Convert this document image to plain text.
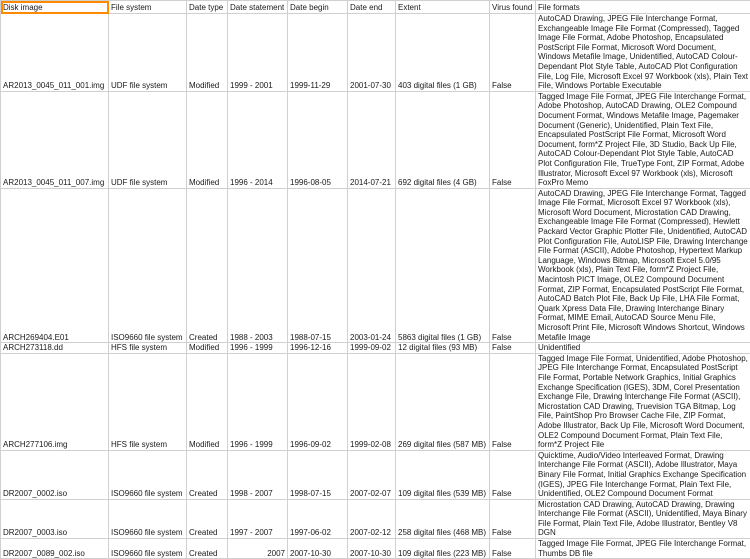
Disk image	File system	Date type	Date statement	Date begin	Date end	Extent	Virus found	File formats
AR2013_0045_011_001.img	UDF file system	Modified	1999 - 2001	1999-11-29	2001-07-30	403 digital files (1 GB)	False	AutoCAD Drawing, JPEG File Interchange Format, Exchangeable Image File Format (Compressed), Tagged Image File Format, Adobe Photoshop, Encapsulated PostScript File Format, Microsoft Word Document, Windows Metafile Image, Unidentified, AutoCAD Colour-Dependant Plot Style Table, AutoCAD Plot Configuration File, Log File, Microsoft Excel 97 Workbook (xls), Plain Text File, Windows Portable Executable
AR2013_0045_011_007.img	UDF file system	Modified	1996 - 2014	1996-08-05	2014-07-21	692 digital files (4 GB)	False	Tagged Image File Format, JPEG File Interchange Format, Adobe Photoshop, AutoCAD Drawing, OLE2 Compound Document Format, Windows Metafile Image, Pagemaker Document (Generic), Unidentified, Plain Text File, Encapsulated PostScript File Format, Microsoft Word Document, form*Z Project File, 3D Studio, Back Up File, AutoCAD Colour-Dependant Plot Style Table, AutoCAD Plot Configuration File, TrueType Font, ZIP Format, Adobe Illustrator, Microsoft Excel 97 Workbook (xls), Microsoft FoxPro Memo
ARCH269404.E01	ISO9660 file system	Created	1988 - 2003	1988-07-15	2003-01-24	5863 digital files (1 GB)	False	AutoCAD Drawing, JPEG File Interchange Format, Tagged Image File Format, Microsoft Excel 97 Workbook (xls), Microsoft Word Document, Microstation CAD Drawing, Exchangeable Image File Format (Compressed), Hewlett Packard Vector Graphic Plotter File, Unidentified, AutoCAD Plot Configuration File, AutoLISP File, Drawing Interchange File Format (ASCII), Adobe Photoshop, Hypertext Markup Language, Windows Bitmap, Microsoft Excel 5.0/95 Workbook (xls), Plain Text File, form*Z Project File, Macintosh PICT Image, OLE2 Compound Document Format, ZIP Format, Encapsulated PostScript File Format, AutoCAD Batch Plot File, Back Up File, LHA File Format, Quark Xpress Data File, Drawing Interchange Binary Format, MIME Email, AutoCAD Source Menu File, Microsoft Print File, Microsoft Windows Shortcut, Windows Metafile Image
ARCH273118.dd	HFS file system	Modified	1996 - 1999	1996-12-16	1999-09-02	12 digital files (93 MB)	False	Unidentified
ARCH277106.img	HFS file system	Modified	1996 - 1999	1996-09-02	1999-02-08	269 digital files (587 MB)	False	Tagged Image File Format, Unidentified, Adobe Photoshop, JPEG File Interchange Format, Encapsulated PostScript File Format, Portable Network Graphics, Initial Graphics Exchange Specification (IGES), 3DM, Corel Presentation Exchange File, Drawing Interchange File Format (ASCII), Microstation CAD Drawing, Truevision TGA Bitmap, Log File, PaintShop Pro Browser Cache File, ZIP Format, Adobe Illustrator, Back Up File, Microsoft Word Document, OLE2 Compound Document Format, Plain Text File, form*Z Project File
DR2007_0002.iso	ISO9660 file system	Created	1998 - 2007	1998-07-15	2007-02-07	109 digital files (539 MB)	False	Quicktime, Audio/Video Interleaved Format, Drawing Interchange File Format (ASCII), Adobe Illustrator, Maya Binary File Format, Initial Graphics Exchange Specification (IGES), JPEG File Interchange Format, Plain Text File, Unidentified, OLE2 Compound Document Format
DR2007_0003.iso	ISO9660 file system	Created	1997 - 2007	1997-06-02	2007-02-12	258 digital files (468 MB)	False	Microstation CAD Drawing, AutoCAD Drawing, Drawing Interchange File Format (ASCII), Unidentified, Maya Binary File Format, Plain Text File, Adobe Illustrator, Bentley V8 DGN
DR2007_0089_002.iso	ISO9660 file system	Created	2007	2007-10-30	2007-10-30	109 digital files (223 MB)	False	Tagged Image File Format, JPEG File Interchange Format, Thumbs DB file
